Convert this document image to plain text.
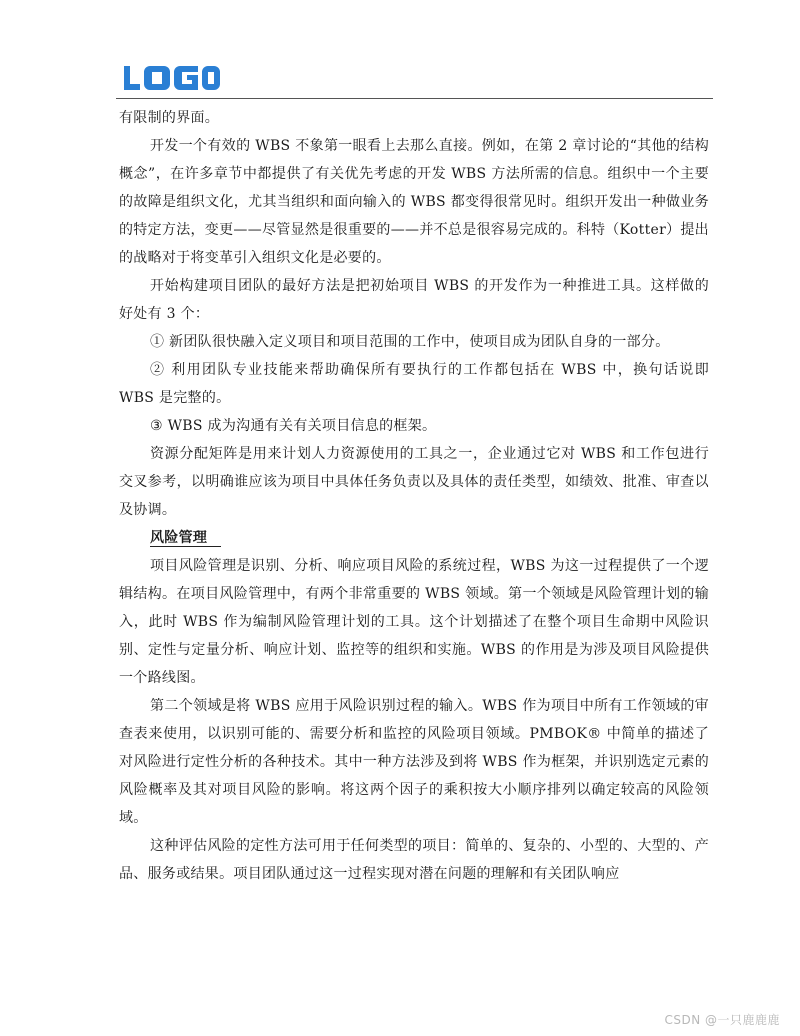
有限制的界面。

开发一个有效的 WBS 不象第一眼看上去那么直接。例如，在第 2 章讨论的“其他的结构概念”，在许多章节中都提供了有关优先考虑的开发 WBS 方法所需的信息。组织中一个主要的故障是组织文化，尤其当组织和面向输入的 WBS 都变得很常见时。组织开发出一种做业务的特定方法，变更——尽管显然是很重要的——并不总是很容易完成的。科特（Kotter）提出的战略对于将变革引入组织文化是必要的。

开始构建项目团队的最好方法是把初始项目 WBS 的开发作为一种推进工具。这样做的好处有 3 个：

① 新团队很快融入定义项目和项目范围的工作中，使项目成为团队自身的一部分。

② 利用团队专业技能来帮助确保所有要执行的工作都包括在 WBS 中，换句话说即 WBS 是完整的。

③ WBS 成为沟通有关有关项目信息的框架。

资源分配矩阵是用来计划人力资源使用的工具之一，企业通过它对 WBS 和工作包进行交叉参考，以明确谁应该为项目中具体任务负责以及具体的责任类型，如绩效、批准、审查以及协调。

风险管理

项目风险管理是识别、分析、响应项目风险的系统过程，WBS 为这一过程提供了一个逻辑结构。在项目风险管理中，有两个非常重要的 WBS 领域。第一个领域是风险管理计划的输入，此时 WBS 作为编制风险管理计划的工具。这个计划描述了在整个项目生命期中风险识别、定性与定量分析、响应计划、监控等的组织和实施。WBS 的作用是为涉及项目风险提供一个路线图。

第二个领域是将 WBS 应用于风险识别过程的输入。WBS 作为项目中所有工作领域的审查表来使用，以识别可能的、需要分析和监控的风险项目领域。PMBOK® 中简单的描述了对风险进行定性分析的各种技术。其中一种方法涉及到将 WBS 作为框架，并识别选定元素的风险概率及其对项目风险的影响。将这两个因子的乘积按大小顺序排列以确定较高的风险领域。

这种评估风险的定性方法可用于任何类型的项目：简单的、复杂的、小型的、大型的、产品、服务或结果。项目团队通过这一过程实现对潜在问题的理解和有关团队响应

CSDN @一只鹿鹿鹿
